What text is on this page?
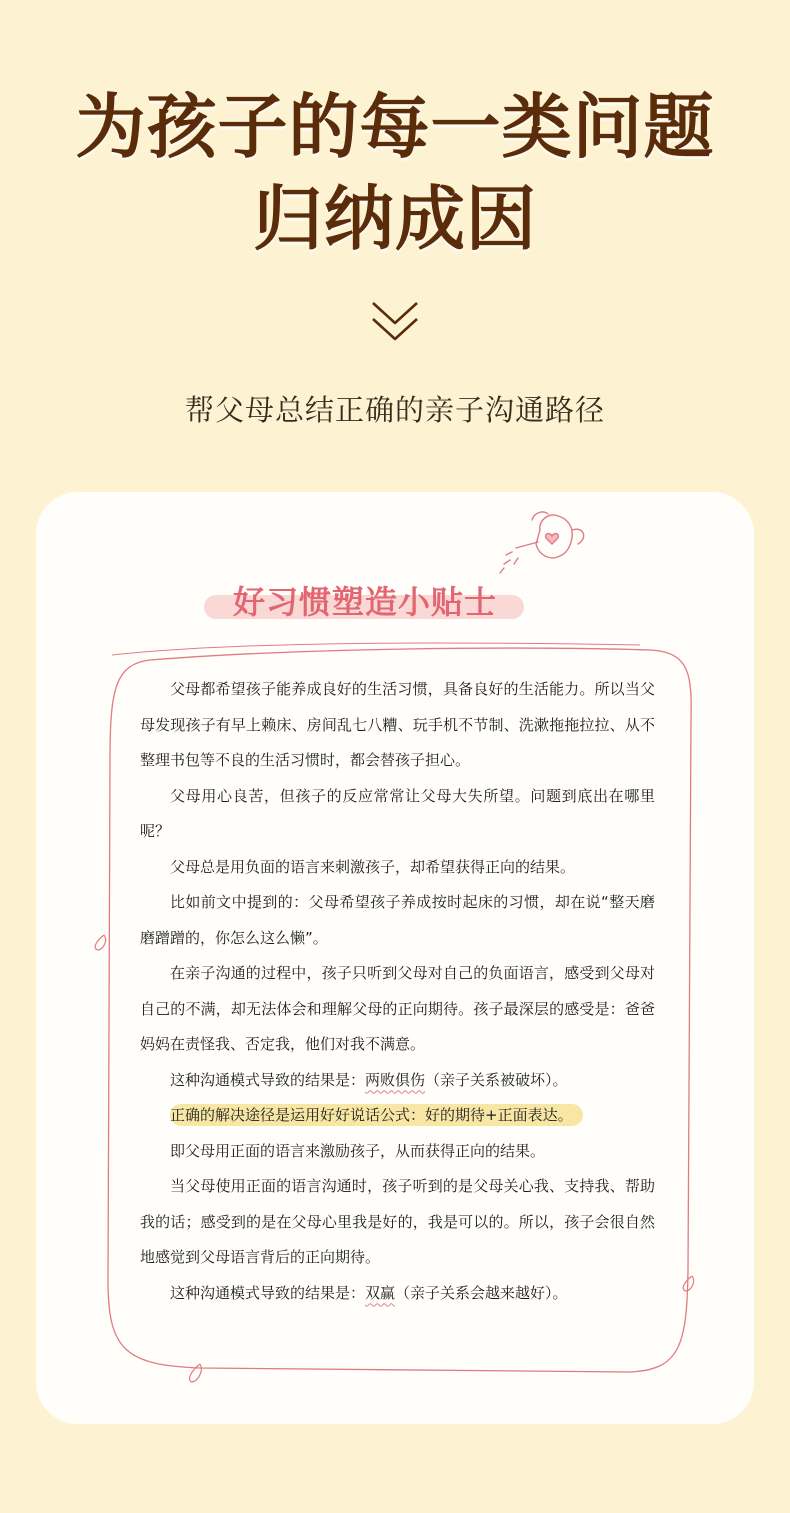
为孩子的每一类问题
归纳成因

帮父母总结正确的亲子沟通路径

好习惯塑造小贴士

父母都希望孩子能养成良好的生活习惯，具备良好的生活能力。所以当父母发现孩子有早上赖床、房间乱七八糟、玩手机不节制、洗漱拖拖拉拉、从不整理书包等不良的生活习惯时，都会替孩子担心。

父母用心良苦，但孩子的反应常常让父母大失所望。问题到底出在哪里呢？

父母总是用负面的语言来刺激孩子，却希望获得正向的结果。

比如前文中提到的：父母希望孩子养成按时起床的习惯，却在说“整天磨磨蹭蹭的，你怎么这么懒”。

在亲子沟通的过程中，孩子只听到父母对自己的负面语言，感受到父母对自己的不满，却无法体会和理解父母的正向期待。孩子最深层的感受是：爸爸妈妈在责怪我、否定我，他们对我不满意。

这种沟通模式导致的结果是：两败俱伤（亲子关系被破坏）。

正确的解决途径是运用好好说话公式：好的期待+正面表达。

即父母用正面的语言来激励孩子，从而获得正向的结果。

当父母使用正面的语言沟通时，孩子听到的是父母关心我、支持我、帮助我的话；感受到的是在父母心里我是好的，我是可以的。所以，孩子会很自然地感觉到父母语言背后的正向期待。

这种沟通模式导致的结果是：双赢（亲子关系会越来越好）。
